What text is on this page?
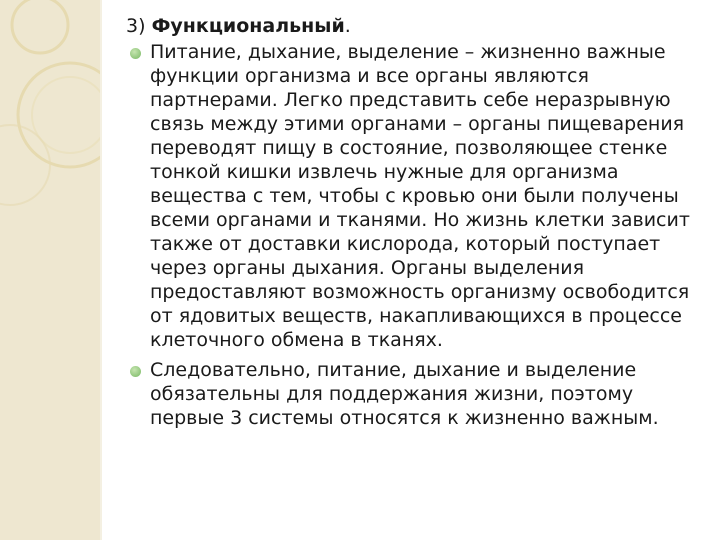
3) Функциональный.
Питание, дыхание, выделение – жизненно важные функции организма и все органы являются партнерами. Легко представить себе неразрывную связь между этими органами – органы пищеварения переводят пищу в состояние, позволяющее стенке тонкой кишки извлечь нужные для организма вещества с тем, чтобы с кровью они были получены всеми органами и тканями. Но жизнь клетки зависит также от доставки кислорода, который поступает через органы дыхания. Органы выделения предоставляют возможность организму освободится от ядовитых веществ, накапливающихся в процессе клеточного обмена в тканях.
Следовательно, питание, дыхание и выделение обязательны для поддержания жизни, поэтому первые 3 системы относятся к жизненно важным.
